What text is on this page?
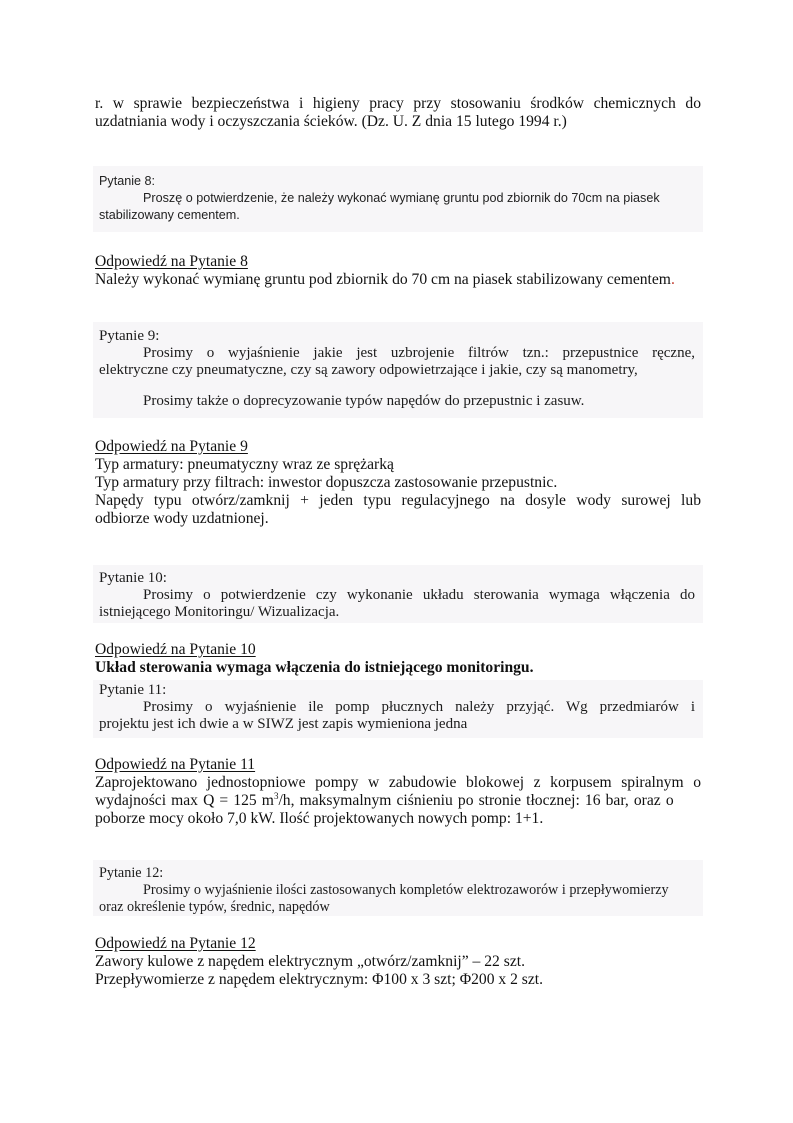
r. w sprawie bezpieczeństwa i higieny pracy przy stosowaniu środków chemicznych do
uzdatniania wody i oczyszczania ścieków. (Dz. U. Z dnia 15 lutego 1994 r.)
Pytanie 8:
Proszę o potwierdzenie, że należy wykonać wymianę gruntu pod zbiornik do 70cm na piasek
stabilizowany cementem.
Odpowiedź na Pytanie 8
Należy wykonać wymianę gruntu pod zbiornik do 70 cm na piasek stabilizowany cementem.
Pytanie 9:
Prosimy o wyjaśnienie jakie jest uzbrojenie filtrów tzn.: przepustnice ręczne,
elektryczne czy pneumatyczne, czy są zawory odpowietrzające i jakie, czy są manometry,
Prosimy także o doprecyzowanie typów napędów do przepustnic i zasuw.
Odpowiedź na Pytanie 9
Typ armatury: pneumatyczny wraz ze sprężarką
Typ armatury przy filtrach: inwestor dopuszcza zastosowanie przepustnic.
Napędy typu otwórz/zamknij + jeden typu regulacyjnego na dosyle wody surowej lub
odbiorze wody uzdatnionej.
Pytanie 10:
Prosimy o potwierdzenie czy wykonanie układu sterowania wymaga włączenia do
istniejącego Monitoringu/ Wizualizacja.
Odpowiedź na Pytanie 10
Układ sterowania wymaga włączenia do istniejącego monitoringu.
Pytanie 11:
Prosimy o wyjaśnienie ile pomp płucznych należy przyjąć. Wg przedmiarów i
projektu jest ich dwie a w SIWZ jest zapis wymieniona jedna
Odpowiedź na Pytanie 11
Zaprojektowano jednostopniowe pompy w zabudowie blokowej z korpusem spiralnym o
wydajności max Q = 125 $m^3/h$, maksymalnym ciśnieniu po stronie tłocznej: 16 bar, oraz o
poborze mocy około 7,0 kW. Ilość projektowanych nowych pomp: 1+1.
Pytanie 12:
Prosimy o wyjaśnienie ilości zastosowanych kompletów elektrozaworów i przepływomierzy
oraz określenie typów, średnic, napędów
Odpowiedź na Pytanie 12
Zawory kulowe z napędem elektrycznym „otwórz/zamknij” – 22 szt.
Przepływomierze z napędem elektrycznym: Φ100 x 3 szt; Φ200 x 2 szt.
